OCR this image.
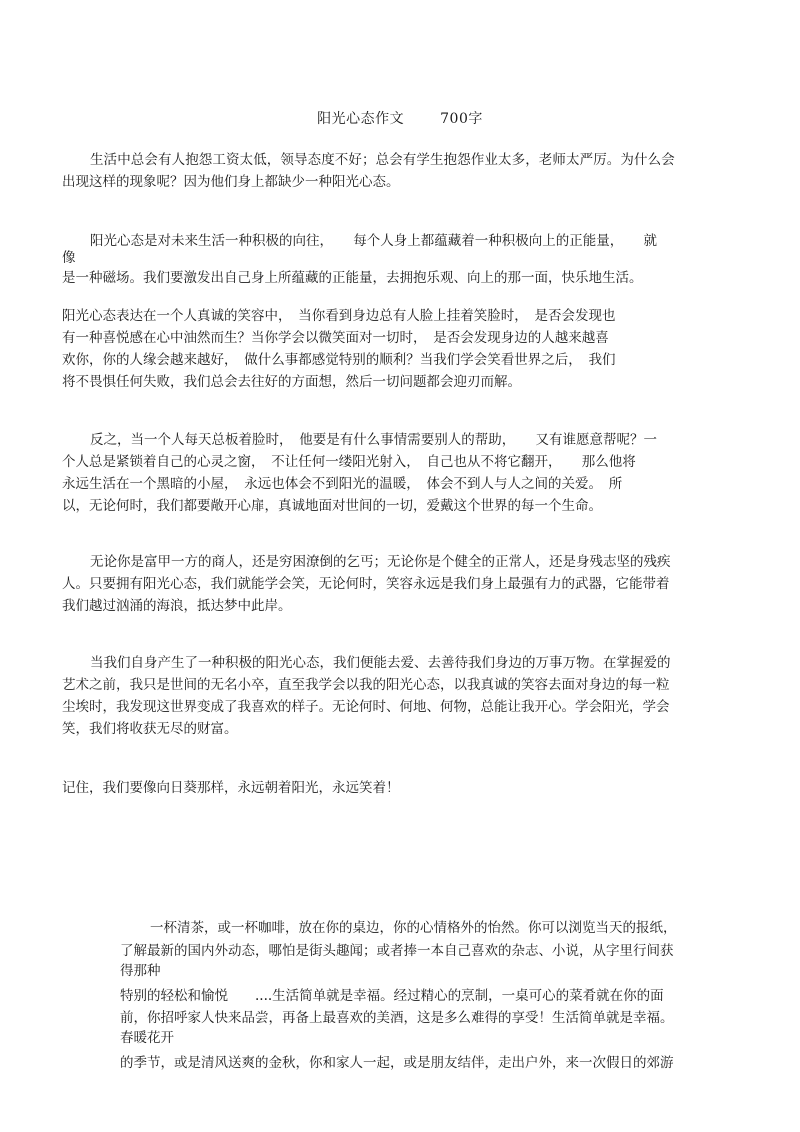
阳光心态作文	700字
生活中总会有人抱怨工资太低，领导态度不好；总会有学生抱怨作业太多，老师太严厉。为什么会
出现这样的现象呢？因为他们身上都缺少一种阳光心态。
阳光心态是对未来生活一种积极的向往，　　每个人身上都蕴藏着一种积极向上的正能量，　　就
像
是一种磁场。我们要激发出自己身上所蕴藏的正能量，去拥抱乐观、向上的那一面，快乐地生活。
阳光心态表达在一个人真诚的笑容中，　当你看到身边总有人脸上挂着笑脸时，　是否会发现也
有一种喜悦感在心中油然而生？当你学会以微笑面对一切时，　是否会发现身边的人越来越喜
欢你，你的人缘会越来越好，　做什么事都感觉特别的顺利？当我们学会笑看世界之后，　我们
将不畏惧任何失败，我们总会去往好的方面想，然后一切问题都会迎刃而解。
反之，当一个人每天总板着脸时，　他要是有什么事情需要别人的帮助，　　又有谁愿意帮呢？一
个人总是紧锁着自己的心灵之窗，　不让任何一缕阳光射入，　自己也从不将它翻开，　　那么他将
永远生活在一个黑暗的小屋，　永远也体会不到阳光的温暖，　体会不到人与人之间的关爱。　所
以，无论何时，我们都要敞开心扉，真诚地面对世间的一切，爱戴这个世界的每一个生命。
无论你是富甲一方的商人，还是穷困潦倒的乞丐；无论你是个健全的正常人，还是身残志坚的残疾
人。只要拥有阳光心态，我们就能学会笑，无论何时，笑容永远是我们身上最强有力的武器，它能带着
我们越过汹涌的海浪，抵达梦中此岸。
当我们自身产生了一种积极的阳光心态，我们便能去爱、去善待我们身边的万事万物。在掌握爱的
艺术之前，我只是世间的无名小卒，直至我学会以我的阳光心态，以我真诚的笑容去面对身边的每一粒
尘埃时，我发现这世界变成了我喜欢的样子。无论何时、何地、何物，总能让我开心。学会阳光，学会
笑，我们将收获无尽的财富。
记住，我们要像向日葵那样，永远朝着阳光，永远笑着！
一杯清茶，或一杯咖啡，放在你的桌边，你的心情格外的怡然。你可以浏览当天的报纸，
了解最新的国内外动态，哪怕是街头趣闻；或者捧一本自己喜欢的杂志、小说，从字里行间获
得那种
特别的轻松和愉悦　　....生活简单就是幸福。经过精心的烹制，一桌可心的菜肴就在你的面
前，你招呼家人快来品尝，再备上最喜欢的美酒，这是多么难得的享受！生活简单就是幸福。
春暖花开
的季节，或是清风送爽的金秋，你和家人一起，或是朋友结伴，走出户外，来一次假日的郊游
